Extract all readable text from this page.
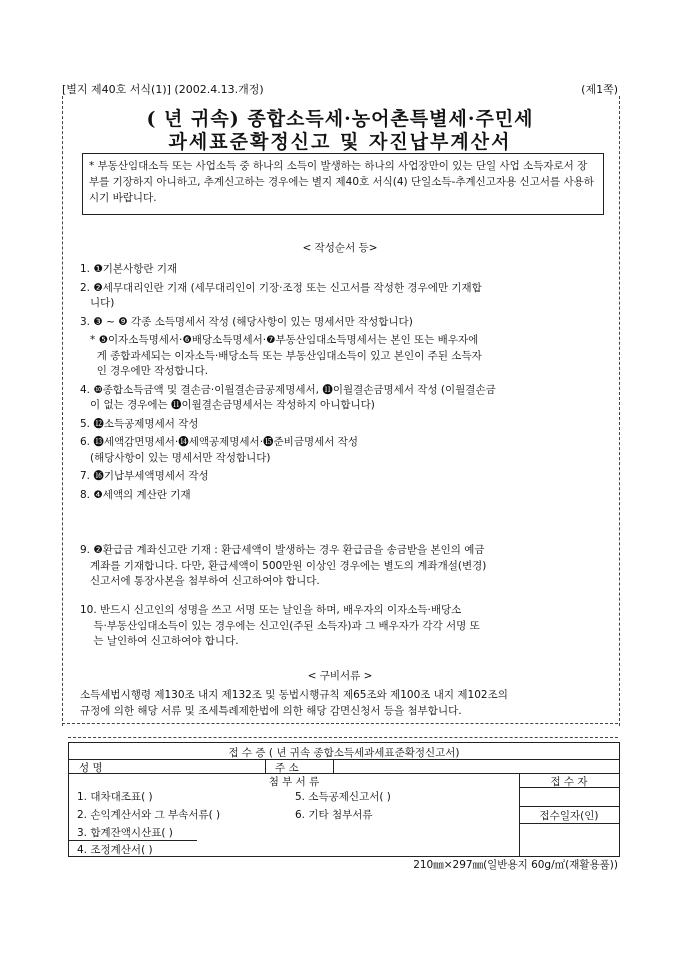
[별지 제40호 서식(1)] (2002.4.13.개정)	(제1쪽)
( 년 귀속) 종합소득세·농어촌특별세·주민세
과세표준확정신고 및 자진납부계산서
* 부동산임대소득 또는 사업소득 중 하나의 소득이 발생하는 하나의 사업장만이 있는 단일 사업 소득자로서 장부를 기장하지 아니하고, 추계신고하는 경우에는 별지 제40호 서식(4) 단일소득-추계신고자용 신고서를 사용하시기 바랍니다.
< 작성순서 등>
1. ❶기본사항란 기재
2. ❷세무대리인란 기재 (세무대리인이 기장·조정 또는 신고서를 작성한 경우에만 기재합
니다)
3. ❸ ~ ❾ 각종 소득명세서 작성 (해당사항이 있는 명세서만 작성합니다)
* ❺이자소득명세서·❻배당소득명세서·❼부동산임대소득명세서는 본인 또는 배우자에
게 종합과세되는 이자소득·배당소득 또는 부동산임대소득이 있고 본인이 주된 소득자
인 경우에만 작성합니다.
4. ❿종합소득금액 및 결손금·이월결손금공제명세서, ⓫이월결손금명세서 작성 (이월결손금
이 없는 경우에는 ⓫이월결손금명세서는 작성하지 아니합니다)
5. ⓬소득공제명세서 작성
6. ⓭세액감면명세서·⓮세액공제명세서·⓯준비금명세서 작성
(해당사항이 있는 명세서만 작성합니다)
7. ⓰기납부세액명세서 작성
8. ❹세액의 계산란 기재
9. ❷환급금 계좌신고란 기재 : 환급세액이 발생하는 경우 환급금을 송금받을 본인의 예금
계좌를 기재합니다. 다만, 환급세액이 500만원 이상인 경우에는 별도의 계좌개설(변경)
신고서에 통장사본을 첨부하여 신고하여야 합니다.
10. 반드시 신고인의 성명을 쓰고 서명 또는 날인을 하며, 배우자의 이자소득·배당소
득·부동산임대소득이 있는 경우에는 신고인(주된 소득자)과 그 배우자가 각각 서명 또
는 날인하여 신고하여야 합니다.
< 구비서류 >
소득세법시행령 제130조 내지 제132조 및 동법시행규칙 제65조와 제100조 내지 제102조의
규정에 의한 해당 서류 및 조세특례제한법에 의한 해당 감면신청서 등을 첨부합니다.
접 수 증 ( 년 귀속 종합소득세과세표준확정신고서)
성 명	주 소
첨 부 서 류	접 수 자
접수일자(인)
1. 대차대조표( )
2. 손익계산서와 그 부속서류( )
3. 합계잔액시산표( )
4. 조정계산서( )
5. 소득공제신고서( )
6. 기타 첨부서류
210㎜×297㎜(일반용지 60g/㎡(재활용품))
